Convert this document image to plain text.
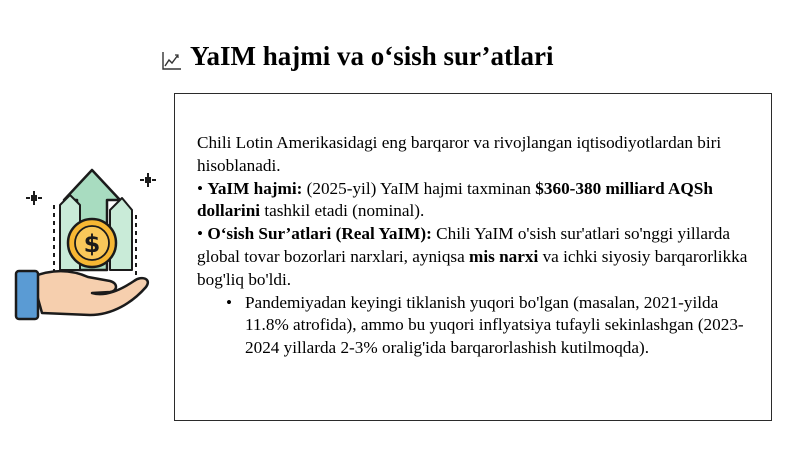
YaIM hajmi va o‘sish sur’atlari
$

Chili Lotin Amerikasidagi eng barqaror va rivojlangan iqtisodiyotlardan biri hisoblanadi.

• YaIM hajmi: (2025-yil) YaIM hajmi taxminan $360-380 milliard AQSh dollarini tashkil etadi (nominal).

• O‘sish Sur’atlari (Real YaIM): Chili YaIM o'sish sur'atlari so'nggi yillarda global tovar bozorlari narxlari, ayniqsa mis narxi va ichki siyosiy barqarorlikka bog'liq bo'ldi.

• Pandemiyadan keyingi tiklanish yuqori bo'lgan (masalan, 2021-yilda 11.8% atrofida), ammo bu yuqori inflyatsiya tufayli sekinlashgan (2023-2024 yillarda 2-3% oralig'ida barqarorlashish kutilmoqda).
